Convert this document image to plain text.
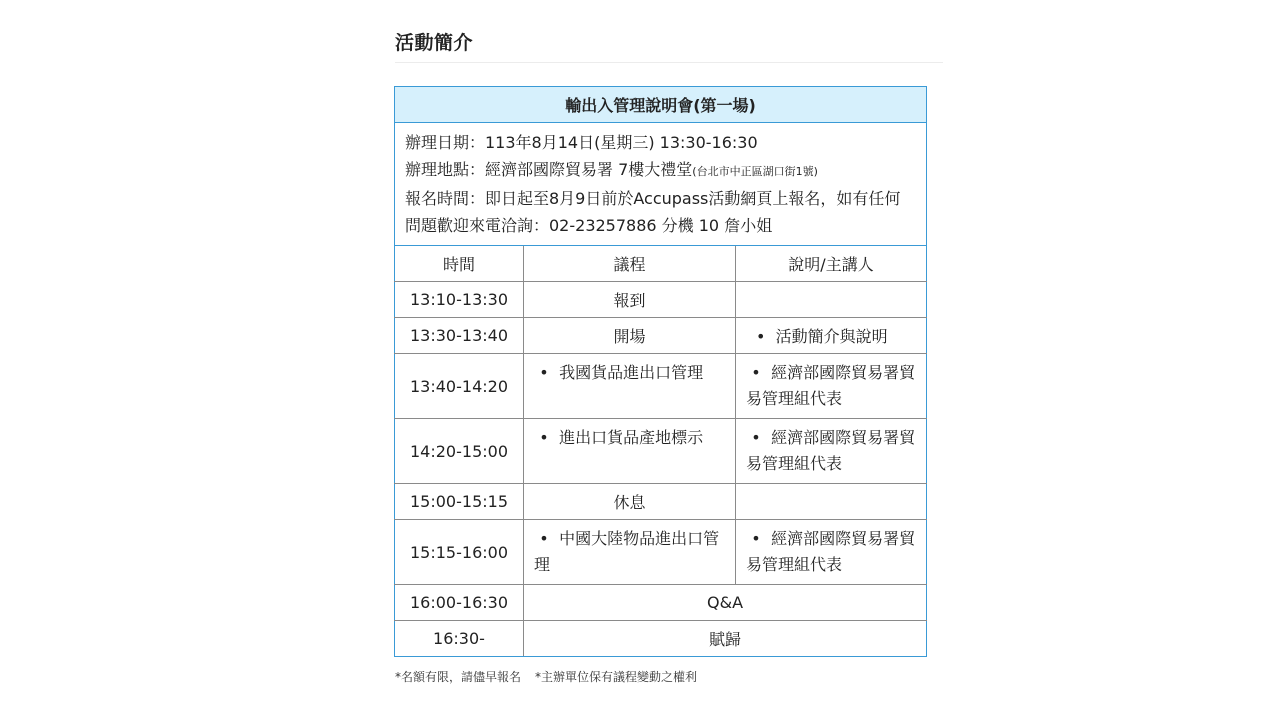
活動簡介
輸出入管理說明會(第一場)		

辦理日期：113年8月14日(星期三) 13:30-16:30
辦理地點：經濟部國際貿易署 7樓大禮堂(台北市中正區湖口街1號)
報名時間：即日起至8月9日前於Accupass活動網頁上報名，如有任何問題歡迎來電洽詢：02-23257886 分機 10 詹小姐		

時間	議程	說明/主講人
13:10-13:30	報到	
13:30-13:40	開場	• 活動簡介與說明
13:40-14:20	• 我國貨品進出口管理	• 經濟部國際貿易署貿易管理組代表
14:20-15:00	• 進出口貨品產地標示	• 經濟部國際貿易署貿易管理組代表
15:00-15:15	休息	
15:15-16:00	• 中國大陸物品進出口管理	• 經濟部國際貿易署貿易管理組代表
16:00-16:30	Q&A	
16:30-	賦歸	
*名額有限，請儘早報名 *主辦單位保有議程變動之權利
